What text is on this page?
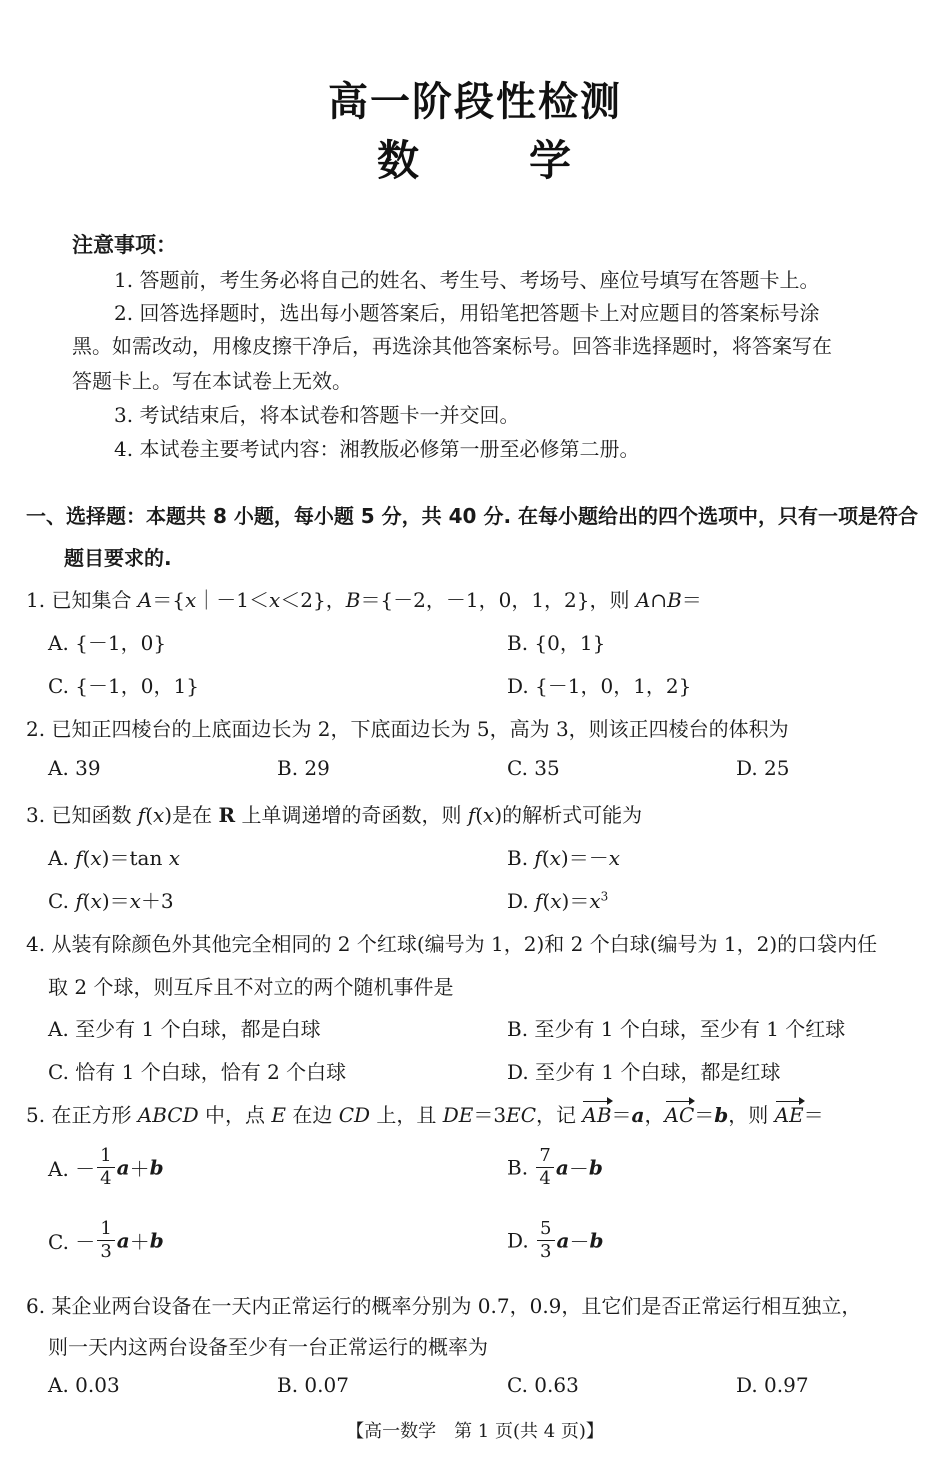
高一阶段性检测
数	学
注意事项：
1. 答题前，考生务必将自己的姓名、考生号、考场号、座位号填写在答题卡上。
2. 回答选择题时，选出每小题答案后，用铅笔把答题卡上对应题目的答案标号涂
黑。如需改动，用橡皮擦干净后，再选涂其他答案标号。回答非选择题时，将答案写在
答题卡上。写在本试卷上无效。
3. 考试结束后，将本试卷和答题卡一并交回。
4. 本试卷主要考试内容：湘教版必修第一册至必修第二册。
一、选择题：本题共 8 小题，每小题 5 分，共 40 分. 在每小题给出的四个选项中，只有一项是符合
题目要求的.
1. 已知集合 A＝{x｜－1＜x＜2}，B＝{－2，－1，0，1，2}，则 A∩B＝
A. {－1，0}	B. {0，1}
C. {－1，0，1}	D. {－1，0，1，2}
2. 已知正四棱台的上底面边长为 2，下底面边长为 5，高为 3，则该正四棱台的体积为
A. 39	B. 29	C. 35	D. 25
3. 已知函数 f(x)是在 R 上单调递增的奇函数，则 f(x)的解析式可能为
A. f(x)＝tan x	B. f(x)＝－x
C. f(x)＝x＋3	D. $f(x)=x^3$
4. 从装有除颜色外其他完全相同的 2 个红球(编号为 1，2)和 2 个白球(编号为 1，2)的口袋内任
取 2 个球，则互斥且不对立的两个随机事件是
A. 至少有 1 个白球，都是白球	B. 至少有 1 个白球，至少有 1 个红球
C. 恰有 1 个白球，恰有 2 个白球	D. 至少有 1 个白球，都是红球
5. 在正方形 ABCD 中，点 E 在边 CD 上，且 DE＝3EC，记 AB＝a，AC＝b，则 AE＝
A. － $\frac{1}{4} a+b$	B. $\frac{7}{4} a-b$
C. － $\frac{1}{3} a+b$	D. $\frac{5}{3} a-b$
6. 某企业两台设备在一天内正常运行的概率分别为 0.7，0.9，且它们是否正常运行相互独立，
则一天内这两台设备至少有一台正常运行的概率为
A. 0.03	B. 0.07	C. 0.63	D. 0.97
【高一数学　第 1 页(共 4 页)】
